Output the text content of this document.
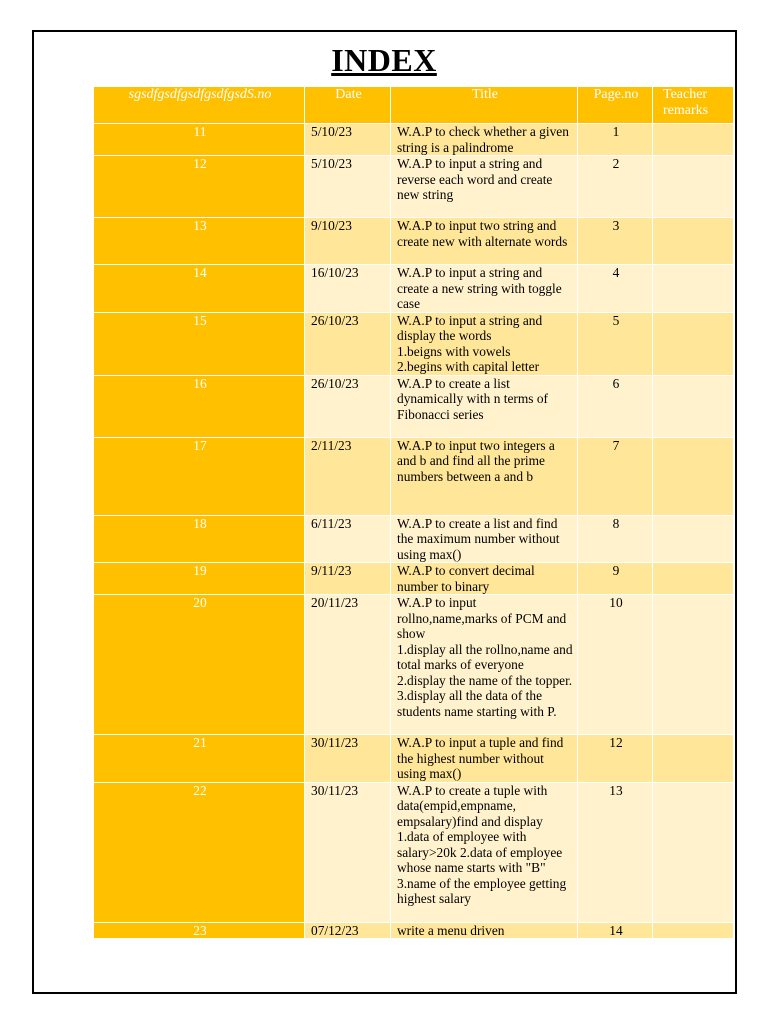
INDEX
sgsdfgsdfgsdfgsdfgsdS.no	Date	Title	Page.no	Teacher
remarks
11	5/10/23	W.A.P to check whether a given string is a palindrome	1	
12	5/10/23	W.A.P to input a string and reverse each word and create
new string	2	
13	9/10/23	W.A.P to input two string and create new with alternate words	3	
14	16/10/23	W.A.P to input a string and create a new string with toggle case	4	
15	26/10/23	W.A.P to input a string and display the words
1.beigns with vowels
2.begins with capital letter	5	
16	26/10/23	W.A.P to create a list dynamically with n terms of Fibonacci series	6	
17	2/11/23	W.A.P to input two integers a and b and find all the prime numbers between a and b	7	
18	6/11/23	W.A.P to create a list and find the maximum number without using max()	8	
19	9/11/23	W.A.P to convert decimal number to binary	9	
20	20/11/23	W.A.P to input rollno,name,marks of PCM and show
1.display all the rollno,name and total marks of everyone 2.display the name of the topper. 3.display all the data of the students name starting with P.	10	
21	30/11/23	W.A.P to input a tuple and find the highest number without using max()	12	
22	30/11/23	W.A.P to create a tuple with data(empid,empname, empsalary)find and display 1.data of employee with salary>20k 2.data of employee whose name starts with "B"
3.name of the employee getting highest salary	13	
23	07/12/23	write a menu driven	14	
